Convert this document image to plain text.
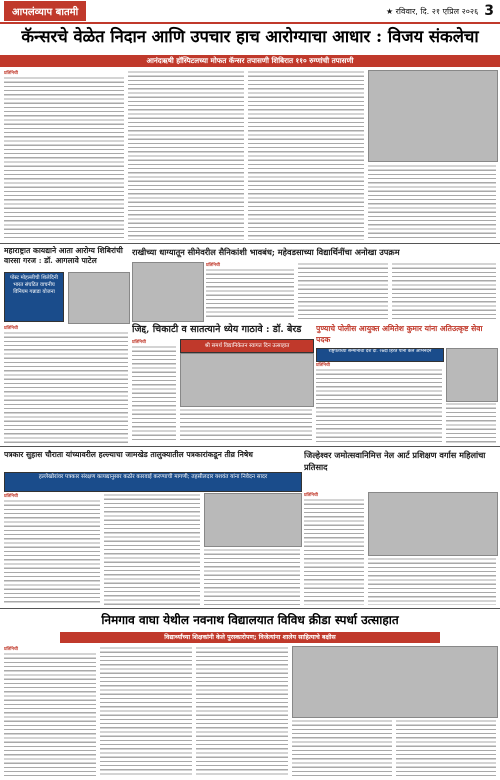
आपलंव्याप बातमी	★ रविवार, दि. २१ एप्रिल २०२६ 3
कॅन्सरचे वेळेत निदान आणि उपचार हाच आरोग्याचा आधार : विजय संकलेचा
आनंदऋषी हॉस्पिटलच्या मोफत कॅन्सर तपासणी शिबिरात ११० रुग्णांची तपासणी
प्रतिनिधी
महाराष्ट्रात कायद्याने आता आरोग्य शिबिरांची वारसा गरज : डॉ. आगलावे पाटेल
पोस्ट मोहल्लीची शिलेदिनी भारत संघटित वाचनीय विनियम गन्नाडा योजना
प्रतिनिधी
राखीच्या धाग्यातून सीमेवरील सैनिकांशी भावबंध; महेवडसाच्या विद्यार्थिनींचा अनोखा उपक्रम
प्रतिनिधी
जिद्द, चिकाटी व सातत्याने ध्येय गाठावे : डॉ. बेरड
प्रतिनिधी
श्री समर्थ विद्यानिकेतन स्वागत दिन उत्साहात
पुण्याचे पोलीस आयुक्त अमितेश कुमार यांना अतिउत्कृष्ट सेवा पदक
राष्ट्रपतींच्या सन्मानाचा देश दो. २७दा हिरंत पानी केले अभिनंदन
प्रतिनिधी
पत्रकार सुहास चौराता यांच्यावरील हल्ल्याचा जामखेड तालुक्यातील पत्रकारांकडून तीव्र निषेध
हल्लेखोरांवर पत्रकार संरक्षण कायद्यानुसार कठोर कारवाई करण्याची मागणी; तहसीलदार यशवंत यांना निवेदन सादर
प्रतिनिधी
जिल्हेश्वर जमोत्सवानिमित्त नेल आर्ट प्रशिक्षण वर्गास महिलांचा प्रतिसाद
प्रतिनिधी
निमगाव वाघा येथील नवनाथ विद्यालयात विविध क्रीडा स्पर्धा उत्साहात
विद्यार्थ्यांच्या शिक्षकांनी केले पुरस्कारोपण; विजेत्यांना शालेय साहित्याचे बक्षीस
प्रतिनिधी
